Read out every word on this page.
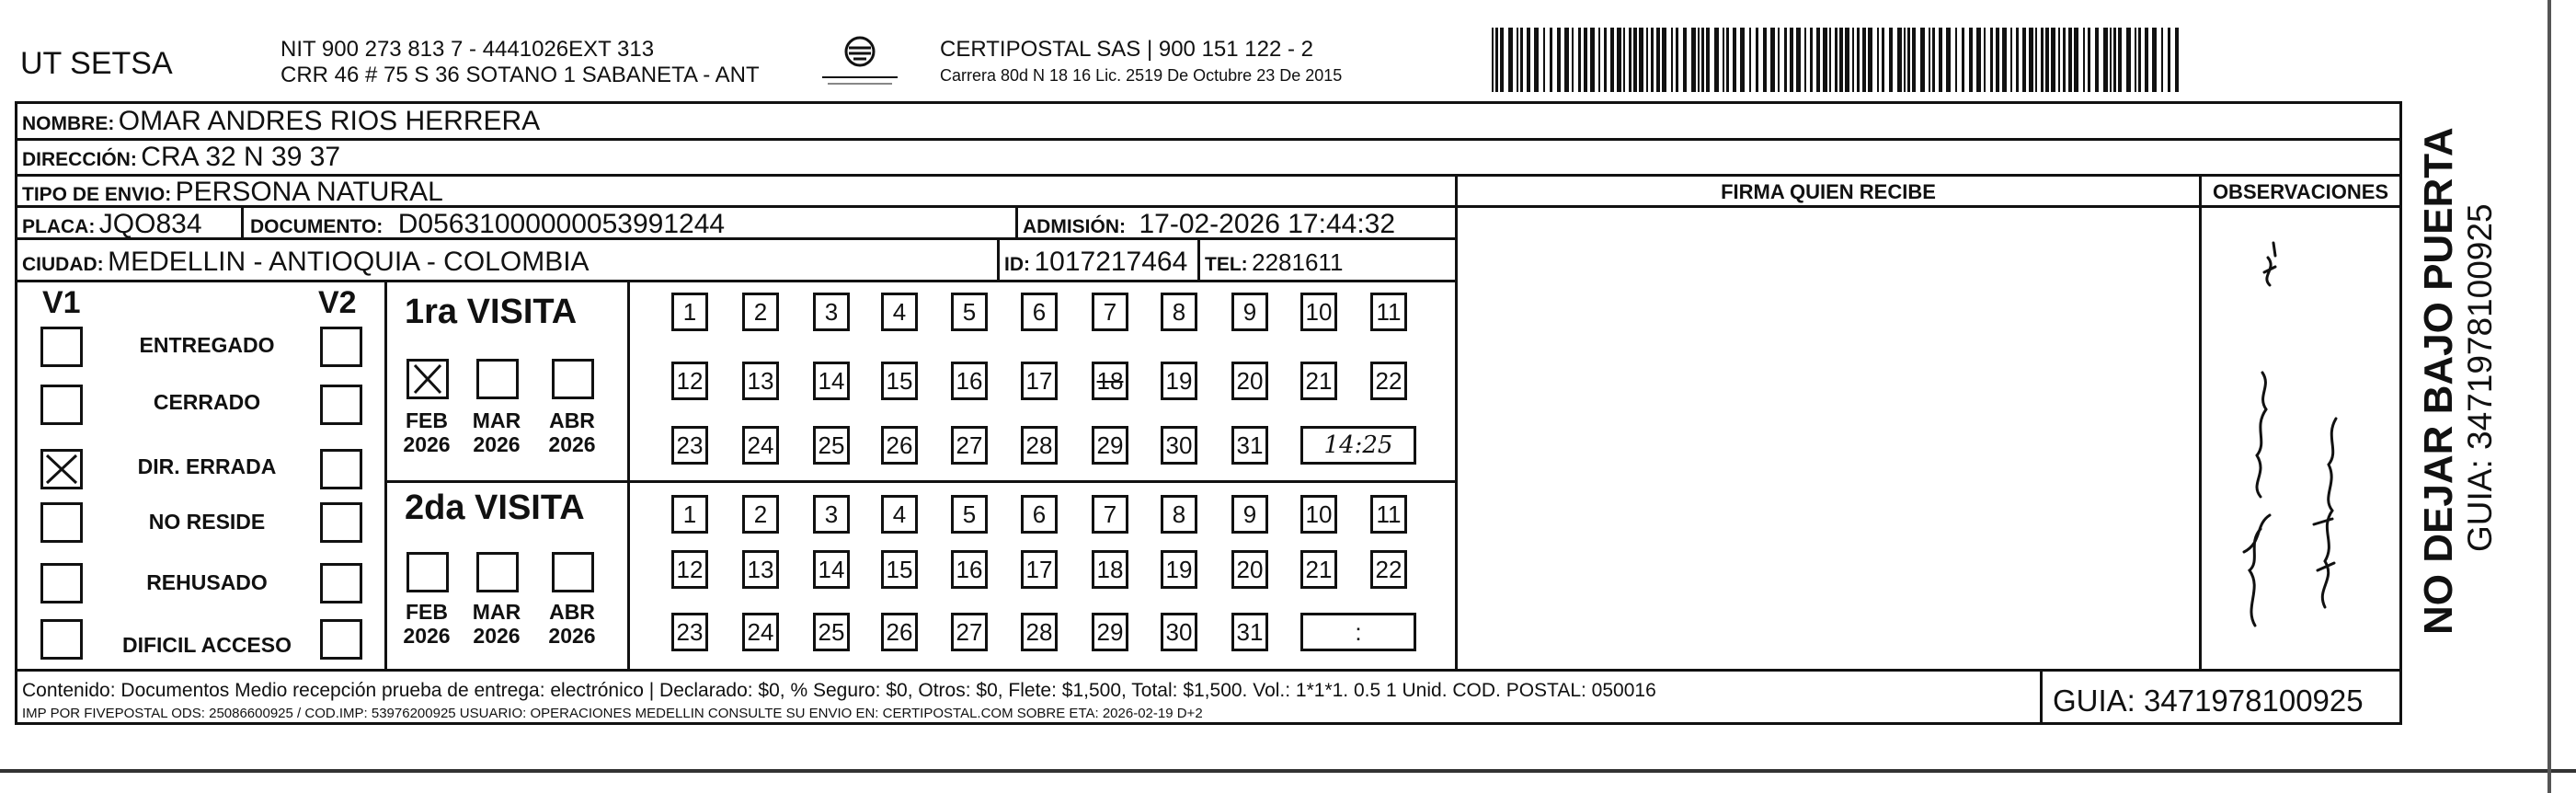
UT SETSA	NIT 900 273 813 7 - 4441026EXT 313
CRR 46 # 75 S 36 SOTANO 1 SABANETA - ANT
CERTIPOSTAL SAS | 900 151 122 - 2
Carrera 80d N 18 16 Lic. 2519 De Octubre 23 De 2015
NOMBRE: OMAR ANDRES RIOS HERRERA
DIRECCIÓN: CRA 32 N 39 37
TIPO DE ENVIO: PERSONA NATURAL
PLACA: JQO834 DOCUMENTO: D05631000000053991244	ADMISIÓN: 17-02-2026 17:44:32
CIUDAD: MEDELLIN - ANTIOQUIA - COLOMBIA	ID: 1017217464 TEL: 2281611
FIRMA QUIEN RECIBE	OBSERVACIONES
V1	V2
ENTREGADO
CERRADO
DIR. ERRADA
NO RESIDE
REHUSADO
DIFICIL ACCESO
1ra VISITA
2da VISITA
FEB
2026
MAR
2026
ABR
2026
FEB
2026
MAR
2026
ABR
2026
1	2	3	4	5	6	7	8	9	10 11
12 13 14 15 16 17 18 19 20 21 22
23 24 25 26 27 28 29 30 31	14:25
1	2	3	4	5	6	7	8	9	10 11
12 13 14 15 16 17 18 19 20 21 22
23 24 25 26 27 28 29 30 31	:
Contenido: Documentos Medio recepción prueba de entrega: electrónico | Declarado: $0, % Seguro: $0, Otros: $0, Flete: $1,500, Total: $1,500. Vol.: 1*1*1. 0.5 1 Unid. COD. POSTAL: 050016
IMP POR FIVEPOSTAL ODS: 25086600925 / COD.IMP: 53976200925 USUARIO: OPERACIONES MEDELLIN CONSULTE SU ENVIO EN: CERTIPOSTAL.COM SOBRE ETA: 2026-02-19 D+2	GUIA: 3471978100925
NO DEJAR BAJO PUERTA GUIA: 3471978100925
